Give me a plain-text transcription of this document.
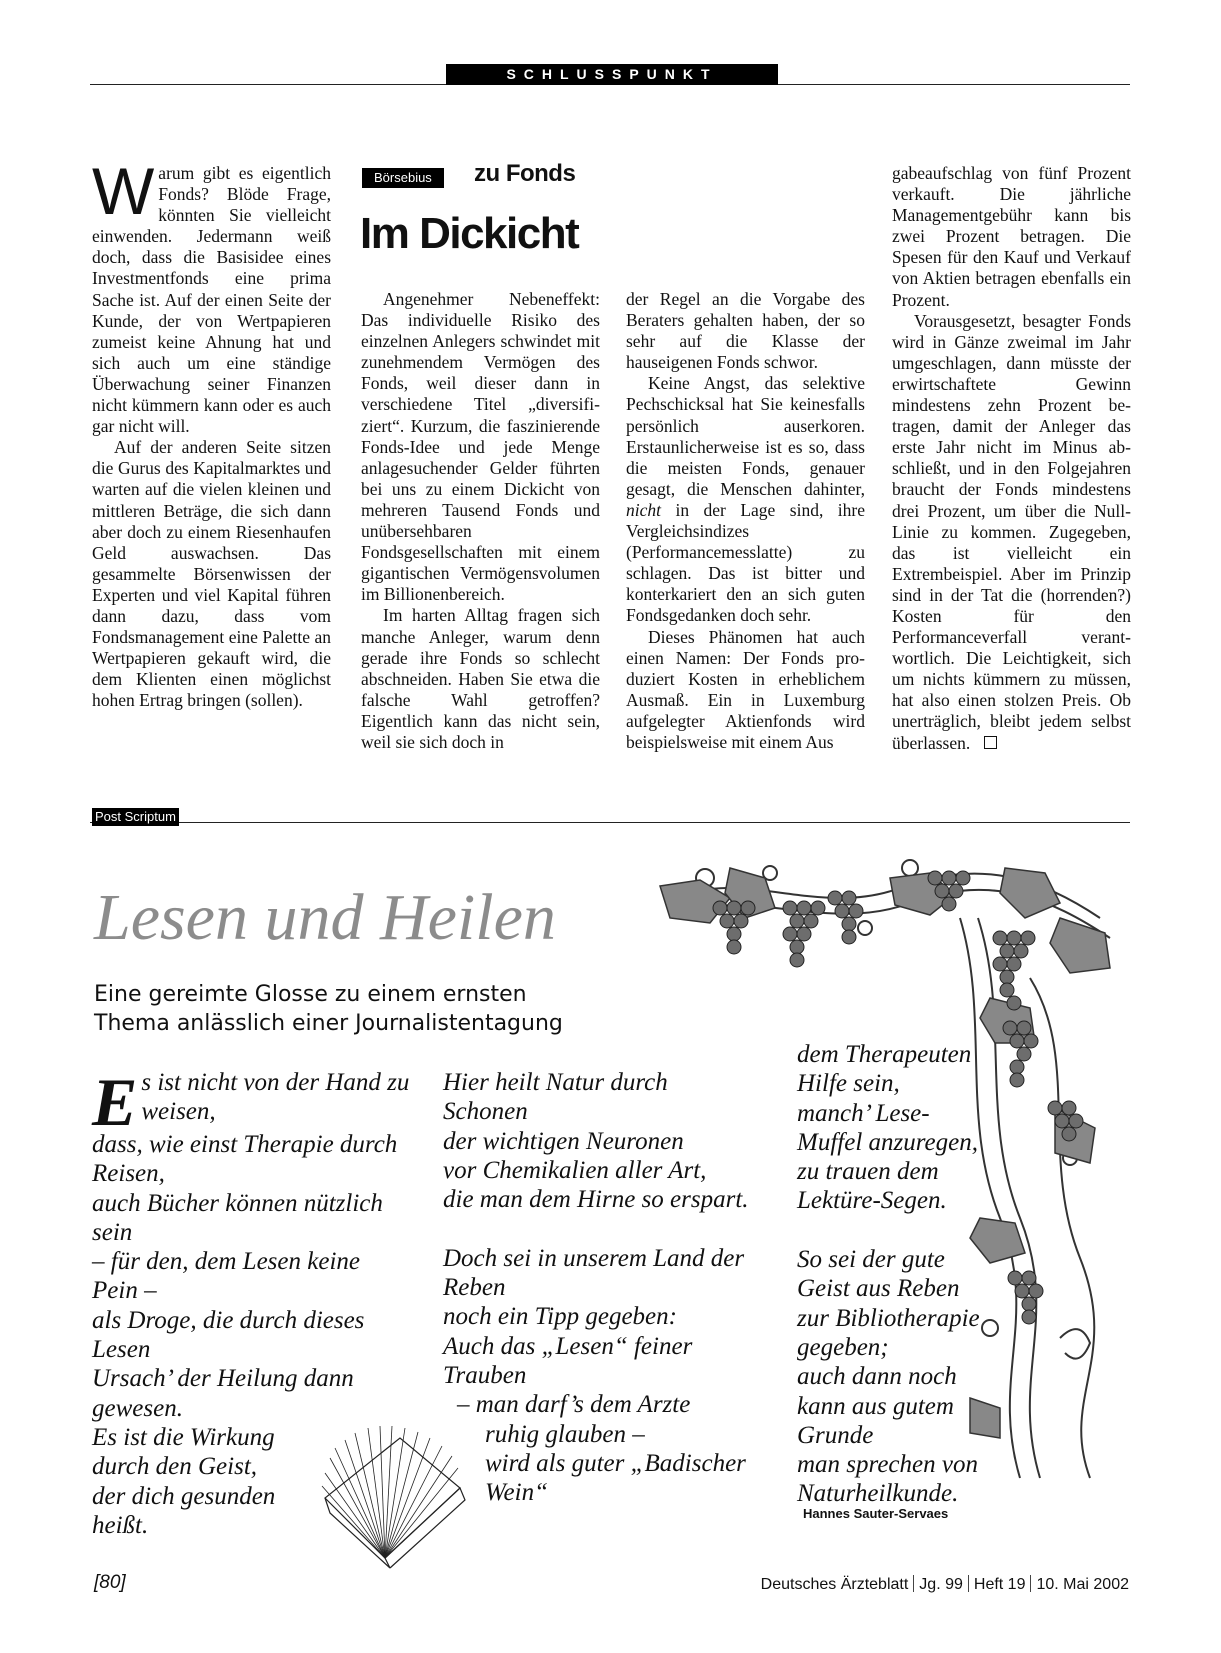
SCHLUSSPUNKT
Börsebius	zu Fonds
Im Dickicht

Warum gibt es eigentlich Fonds? Blöde Frage, könnten Sie vielleicht einwenden. Jedermann weiß doch, dass die Basisidee eines Investmentfonds eine prima Sache ist. Auf der einen Seite der Kunde, der von Wertpapieren zumeist keine Ahnung hat und sich auch um eine ständige Überwachung seiner Finanzen nicht kümmern kann oder es auch gar nicht will.

Auf der anderen Seite sitzen die Gurus des Kapitalmarktes und warten auf die vielen kleinen und mittleren Beträge, die sich dann aber doch zu einem Riesenhaufen Geld auswachsen. Das gesammelte Börsenwissen der Experten und viel Kapital führen dann dazu, dass vom Fondsmanagement eine Palette an Wertpapieren gekauft wird, die dem Klienten einen möglichst hohen Ertrag bringen (sollen).

Angenehmer Nebeneffekt: Das individuelle Risiko des einzelnen Anlegers schwindet mit zunehmendem Vermögen des Fonds, weil dieser dann in verschiedene Titel „diversifiziert“. Kurzum, die faszinierende Fonds-Idee und jede Menge anlagesuchender Gelder führten bei uns zu einem Dickicht von mehreren Tausend Fonds und unübersehbaren Fondsgesellschaften mit einem gigantischen Vermögensvolumen im Billionenbereich.

Im harten Alltag fragen sich manche Anleger, warum denn gerade ihre Fonds so schlecht abschneiden. Haben Sie etwa die falsche Wahl getroffen? Eigentlich kann das nicht sein, weil sie sich doch in

der Regel an die Vorgabe des Beraters gehalten haben, der so sehr auf die Klasse der hauseigenen Fonds schwor.

Keine Angst, das selektive Pechschicksal hat Sie keinesfalls persönlich auserkoren. Erstaunlicherweise ist es so, dass die meisten Fonds, genauer gesagt, die Menschen dahinter, nicht in der Lage sind, ihre Vergleichsindizes (Performancemesslatte) zu schlagen. Das ist bitter und konterkariert den an sich guten Fondsgedanken doch sehr.

Dieses Phänomen hat auch einen Namen: Der Fonds produziert Kosten in erheblichem Ausmaß. Ein in Luxemburg aufgelegter Aktienfonds wird beispielsweise mit einem Aus

gabeaufschlag von fünf Prozent verkauft. Die jährliche Managementgebühr kann bis zwei Prozent betragen. Die Spesen für den Kauf und Verkauf von Aktien betragen ebenfalls ein Prozent.

Vorausgesetzt, besagter Fonds wird in Gänze zweimal im Jahr umgeschlagen, dann müsste der erwirtschaftete Gewinn mindestens zehn Prozent betragen, damit der Anleger das erste Jahr nicht im Minus abschließt, und in den Folgejahren braucht der Fonds mindestens drei Prozent, um über die Null-Linie zu kommen. Zugegeben, das ist vielleicht ein Extrembeispiel. Aber im Prinzip sind in der Tat die (horrenden?) Kosten für den Performanceverfall verantwortlich. Die Leichtigkeit, sich um nichts kümmern zu müssen, hat also einen stolzen Preis. Ob unerträglich, bleibt jedem selbst überlassen.

Post Scriptum
Lesen und Heilen
Eine gereimte Glosse zu einem ernsten
Thema anlässlich einer Journalistentagung
Es ist nicht von der Hand zu
weisen,
dass, wie einst Therapie durch
Reisen,
auch Bücher können nützlich
sein
– für den, dem Lesen keine
Pein –
als Droge, die durch dieses
Lesen
Ursach’ der Heilung dann
gewesen.
Es ist die Wirkung
durch den Geist,
der dich gesunden
heißt.
Hier heilt Natur durch
Schonen
der wichtigen Neuronen
vor Chemikalien aller Art,
die man dem Hirne so erspart.
Doch sei in unserem Land der
Reben
noch ein Tipp gegeben:
Auch das „Lesen“ feiner
Trauben
– man darf’s dem Arzte
ruhig glauben –
wird als guter „Badischer
Wein“
dem Therapeuten
Hilfe sein,
manch’ Lese-
Muffel anzuregen,
zu trauen dem
Lektüre-Segen.
So sei der gute
Geist aus Reben
zur Bibliotherapie
gegeben;
auch dann noch
kann aus gutem
Grunde
man sprechen von
Naturheilkunde.
Hannes Sauter-Servaes
[80]	Deutsches Ärzteblatt Jg. 99 Heft 19 10. Mai 2002
